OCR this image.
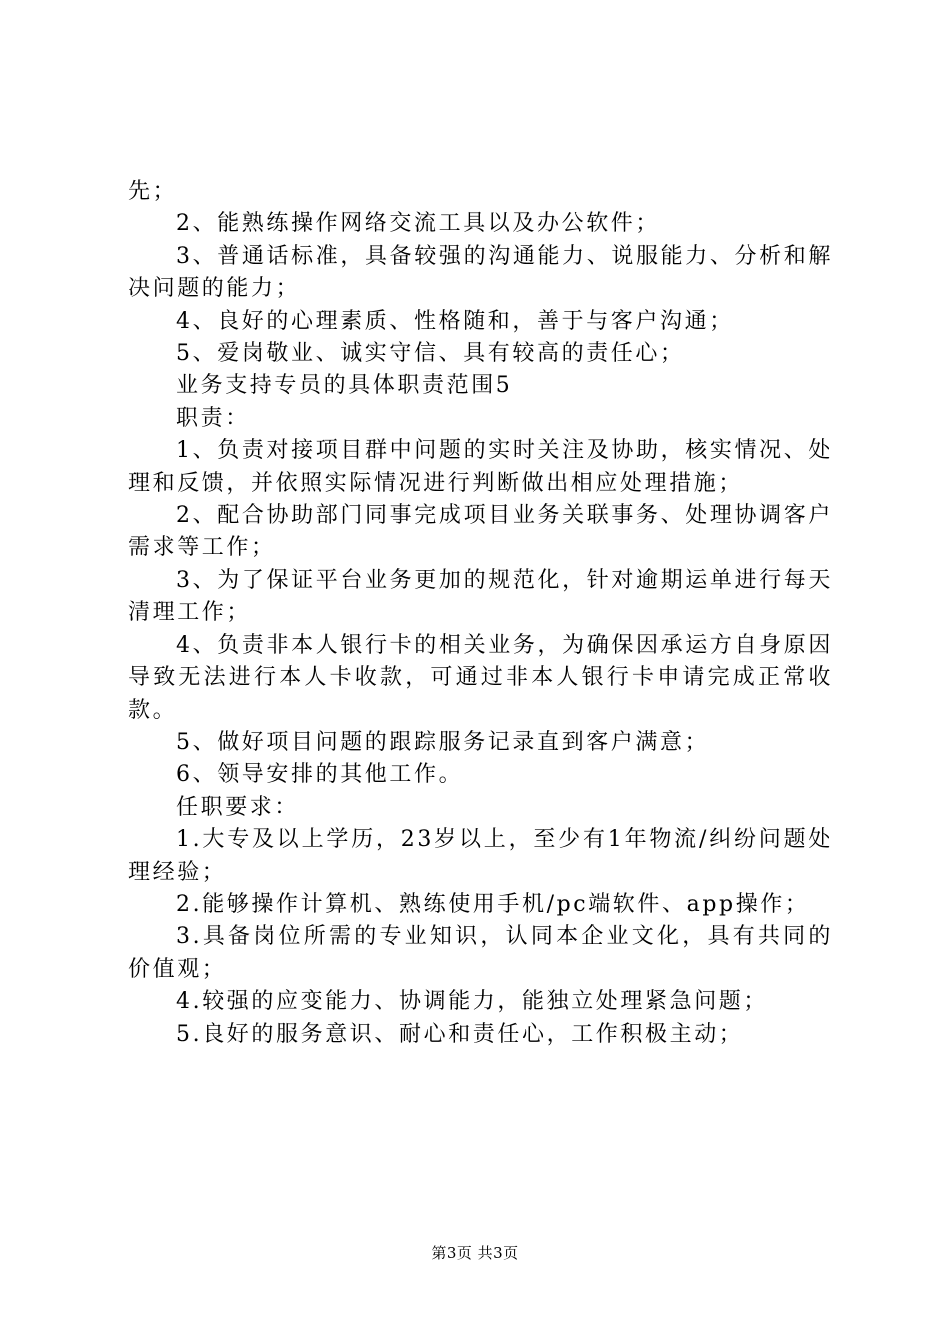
先；

2、能熟练操作网络交流工具以及办公软件；

3、普通话标准，具备较强的沟通能力、说服能力、分析和解决问题的能力；

4、良好的心理素质、性格随和，善于与客户沟通；

5、爱岗敬业、诚实守信、具有较高的责任心；

业务支持专员的具体职责范围5

职责：

1、负责对接项目群中问题的实时关注及协助，核实情况、处理和反馈，并依照实际情况进行判断做出相应处理措施；

2、配合协助部门同事完成项目业务关联事务、处理协调客户需求等工作；

3、为了保证平台业务更加的规范化，针对逾期运单进行每天清理工作；

4、负责非本人银行卡的相关业务，为确保因承运方自身原因导致无法进行本人卡收款，可通过非本人银行卡申请完成正常收款。

5、做好项目问题的跟踪服务记录直到客户满意；

6、领导安排的其他工作。

任职要求：

1.大专及以上学历，23岁以上，至少有1年物流/纠纷问题处理经验；

2.能够操作计算机、熟练使用手机/pc端软件、app操作；

3.具备岗位所需的专业知识，认同本企业文化，具有共同的价值观；

4.较强的应变能力、协调能力，能独立处理紧急问题；

5.良好的服务意识、耐心和责任心，工作积极主动；

第3页 共3页
